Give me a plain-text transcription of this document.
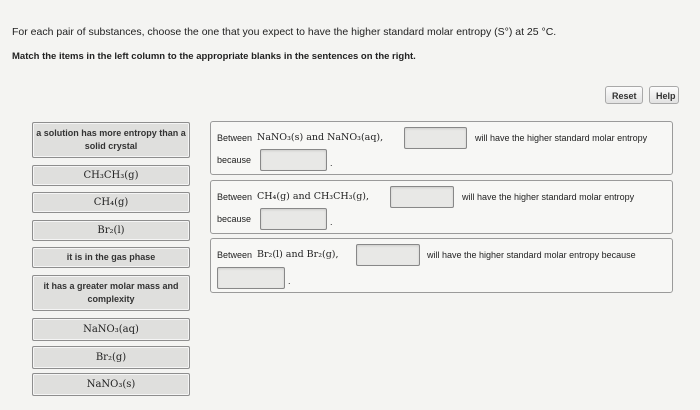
For each pair of substances, choose the one that you expect to have the higher standard molar entropy (S°) at 25 °C.
Match the items in the left column to the appropriate blanks in the sentences on the right.
Reset	Help
a solution has more entropy than a solid crystal
CH₃CH₃(g)
CH₄(g)
Br₂(l)
it is in the gas phase
it has a greater molar mass and complexity
NaNO₃(aq)
Br₂(g)
NaNO₃(s)
Between NaNO₃(s) and NaNO₃(aq),	will have the higher standard molar entropy
because	.
Between CH₄(g) and CH₃CH₃(g),	will have the higher standard molar entropy
because	.
Between Br₂(l) and Br₂(g),	will have the higher standard molar entropy because
.
